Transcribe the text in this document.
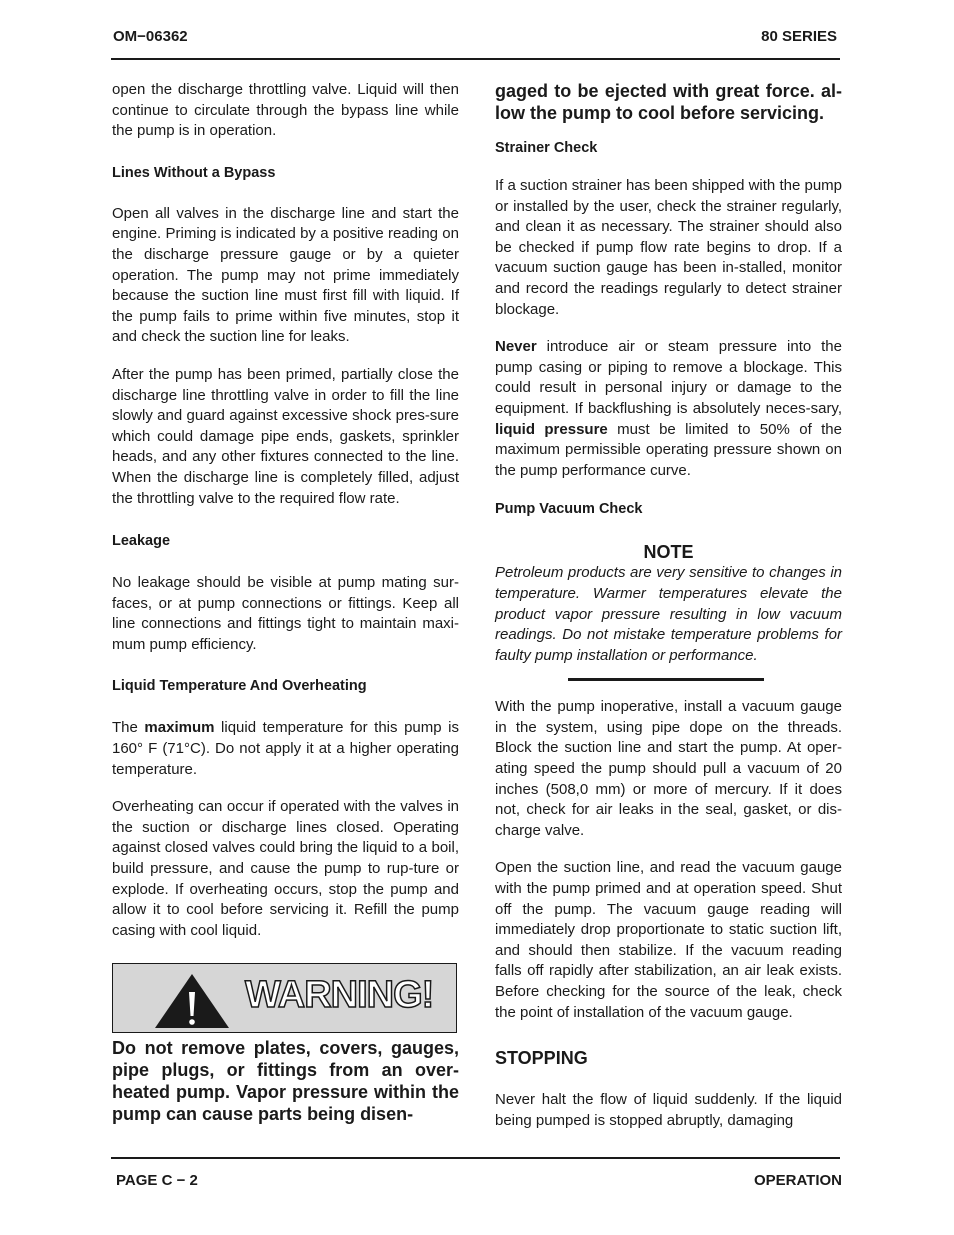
OM−06362	80 SERIES

open the discharge throttling valve. Liquid will then continue to circulate through the bypass line while the pump is in operation.

Lines Without a Bypass

Open all valves in the discharge line and start the engine. Priming is indicated by a positive reading on the discharge pressure gauge or by a quieter operation. The pump may not prime immediately because the suction line must first fill with liquid. If the pump fails to prime within five minutes, stop it and check the suction line for leaks.

After the pump has been primed, partially close the discharge line throttling valve in order to fill the line slowly and guard against excessive shock pres-sure which could damage pipe ends, gaskets, sprinkler heads, and any other fixtures connected to the line. When the discharge line is completely filled, adjust the throttling valve to the required flow rate.

Leakage

No leakage should be visible at pump mating sur-faces, or at pump connections or fittings. Keep all line connections and fittings tight to maintain maxi-mum pump efficiency.

Liquid Temperature And Overheating

The maximum liquid temperature for this pump is 160° F (71°C). Do not apply it at a higher operating temperature.

Overheating can occur if operated with the valves in the suction or discharge lines closed. Operating against closed valves could bring the liquid to a boil, build pressure, and cause the pump to rup-ture or explode. If overheating occurs, stop the pump and allow it to cool before servicing it. Refill the pump casing with cool liquid.

WARNING!

Do not remove plates, covers, gauges, pipe plugs, or fittings from an over-heated pump. Vapor pressure within the pump can cause parts being disen-

gaged to be ejected with great force. al-low the pump to cool before servicing.

Strainer Check

If a suction strainer has been shipped with the pump or installed by the user, check the strainer regularly, and clean it as necessary. The strainer should also be checked if pump flow rate begins to drop. If a vacuum suction gauge has been in-stalled, monitor and record the readings regularly to detect strainer blockage.

Never introduce air or steam pressure into the pump casing or piping to remove a blockage. This could result in personal injury or damage to the equipment. If backflushing is absolutely neces-sary, liquid pressure must be limited to 50% of the maximum permissible operating pressure shown on the pump performance curve.

Pump Vacuum Check

NOTE

Petroleum products are very sensitive to changes in temperature. Warmer temperatures elevate the product vapor pressure resulting in low vacuum readings. Do not mistake temperature problems for faulty pump installation or performance.

With the pump inoperative, install a vacuum gauge in the system, using pipe dope on the threads. Block the suction line and start the pump. At oper-ating speed the pump should pull a vacuum of 20 inches (508,0 mm) or more of mercury. If it does not, check for air leaks in the seal, gasket, or dis-charge valve.

Open the suction line, and read the vacuum gauge with the pump primed and at operation speed. Shut off the pump. The vacuum gauge reading will immediately drop proportionate to static suction lift, and should then stabilize. If the vacuum reading falls off rapidly after stabilization, an air leak exists. Before checking for the source of the leak, check the point of installation of the vacuum gauge.

STOPPING

Never halt the flow of liquid suddenly. If the liquid being pumped is stopped abruptly, damaging

PAGE C − 2	OPERATION
